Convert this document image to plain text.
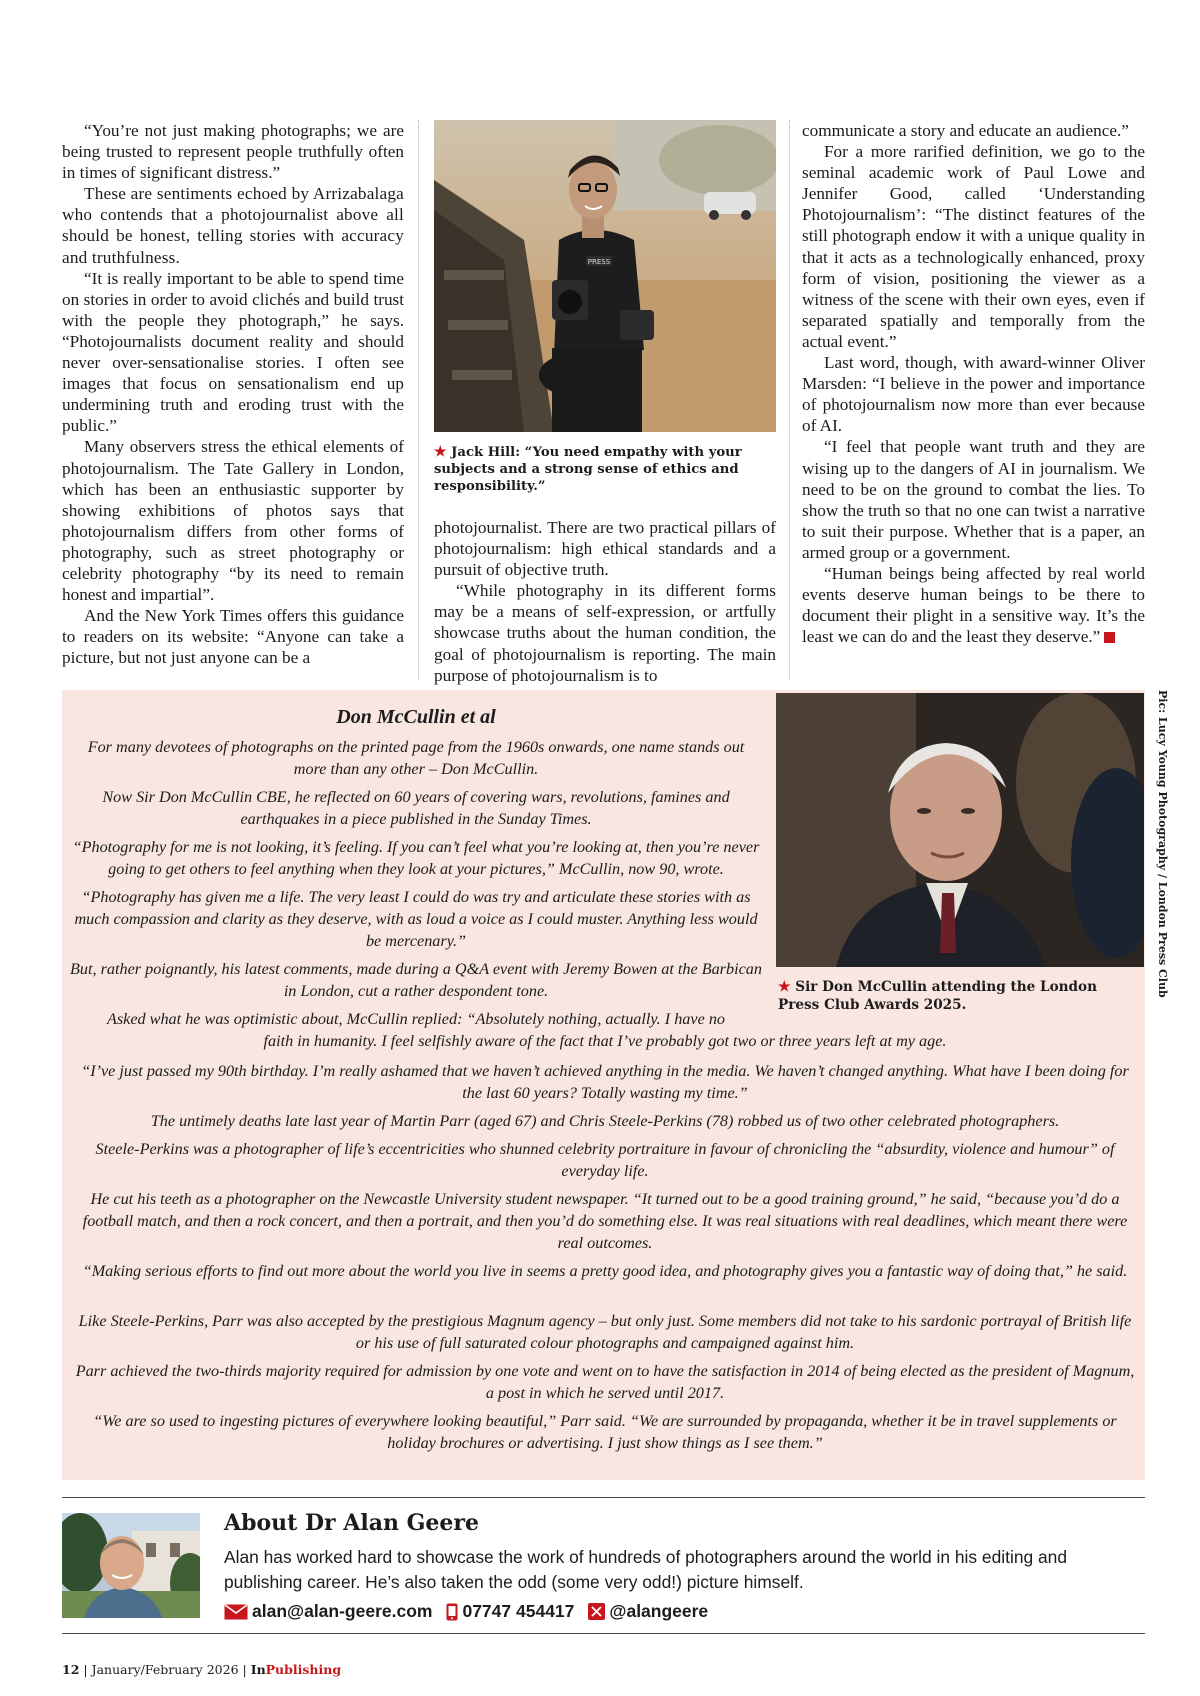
“You’re not just making photographs; we are being trusted to represent people truthfully often in times of significant distress.”

These are sentiments echoed by Arrizabalaga who contends that a photojournalist above all should be honest, telling stories with accuracy and truthfulness.

“It is really important to be able to spend time on stories in order to avoid clichés and build trust with the people they photograph,” he says. “Photojournalists document reality and should never over-sensationalise stories. I often see images that focus on sensationalism end up undermining truth and eroding trust with the public.”

Many observers stress the ethical elements of photojournalism. The Tate Gallery in London, which has been an enthusiastic supporter by showing exhibitions of photos says that photojournalism differs from other forms of photography, such as street photography or celebrity photography “by its need to remain honest and impartial”.

And the New York Times offers this guidance to readers on its website: “Anyone can take a picture, but not just anyone can be a

PRESS
★ Jack Hill: “You need empathy with your subjects and a strong sense of ethics and responsibility.”

photojournalist. There are two practical pillars of photojournalism: high ethical standards and a pursuit of objective truth.

“While photography in its different forms may be a means of self-expression, or artfully showcase truths about the human condition, the goal of photojournalism is reporting. The main purpose of photojournalism is to

communicate a story and educate an audience.”

For a more rarified definition, we go to the seminal academic work of Paul Lowe and Jennifer Good, called ‘Understanding Photojournalism’: “The distinct features of the still photograph endow it with a unique quality in that it acts as a technologically enhanced, proxy form of vision, positioning the viewer as a witness of the scene with their own eyes, even if separated spatially and temporally from the actual event.”

Last word, though, with award-winner Oliver Marsden: “I believe in the power and importance of photojournalism now more than ever because of AI.

“I feel that people want truth and they are wising up to the dangers of AI in journalism. We need to be on the ground to combat the lies. To show the truth so that no one can twist a narrative to suit their purpose. Whether that is a paper, an armed group or a government.

“Human beings being affected by real world events deserve human beings to be there to document their plight in a sensitive way. It’s the least we can do and the least they deserve.”

Pic: Lucy Young Photography / London Press Club
★ Sir Don McCullin attending the London Press Club Awards 2025.
Don McCullin et al

For many devotees of photographs on the printed page from the 1960s onwards, one name stands out more than any other – Don McCullin.

Now Sir Don McCullin CBE, he reflected on 60 years of covering wars, revolutions, famines and earthquakes in a piece published in the Sunday Times.

“Photography for me is not looking, it’s feeling. If you can’t feel what you’re looking at, then you’re never going to get others to feel anything when they look at your pictures,” McCullin, now 90, wrote.

“Photography has given me a life. The very least I could do was try and articulate these stories with as much compassion and clarity as they deserve, with as loud a voice as I could muster. Anything less would be mercenary.”

But, rather poignantly, his latest comments, made during a Q&A event with Jeremy Bowen at the Barbican in London, cut a rather despondent tone.

Asked what he was optimistic about, McCullin replied: “Absolutely nothing, actually. I have no

faith in humanity. I feel selfishly aware of the fact that I’ve probably got two or three years left at my age.

“I’ve just passed my 90th birthday. I’m really ashamed that we haven’t achieved anything in the media. We haven’t changed anything. What have I been doing for the last 60 years? Totally wasting my time.”

The untimely deaths late last year of Martin Parr (aged 67) and Chris Steele-Perkins (78) robbed us of two other celebrated photographers.

Steele-Perkins was a photographer of life’s eccentricities who shunned celebrity portraiture in favour of chronicling the “absurdity, violence and humour” of everyday life.

He cut his teeth as a photographer on the Newcastle University student newspaper. “It turned out to be a good training ground,” he said, “because you’d do a football match, and then a rock concert, and then a portrait, and then you’d do something else. It was real situations with real deadlines, which meant there were real outcomes.

“Making serious efforts to find out more about the world you live in seems a pretty good idea, and photography gives you a fantastic way of doing that,” he said.

Like Steele-Perkins, Parr was also accepted by the prestigious Magnum agency – but only just. Some members did not take to his sardonic portrayal of British life or his use of full saturated colour photographs and campaigned against him.

Parr achieved the two-thirds majority required for admission by one vote and went on to have the satisfaction in 2014 of being elected as the president of Magnum, a post in which he served until 2017.

“We are so used to ingesting pictures of everywhere looking beautiful,” Parr said. “We are surrounded by propaganda, whether it be in travel supplements or holiday brochures or advertising. I just show things as I see them.”

About Dr Alan Geere

Alan has worked hard to showcase the work of hundreds of photographers around the world in his editing and publishing career. He’s also taken the odd (some very odd!) picture himself.

alan@alan-geere.com 07747 454417 @alangeere
12 | January/February 2026 | InPublishing
